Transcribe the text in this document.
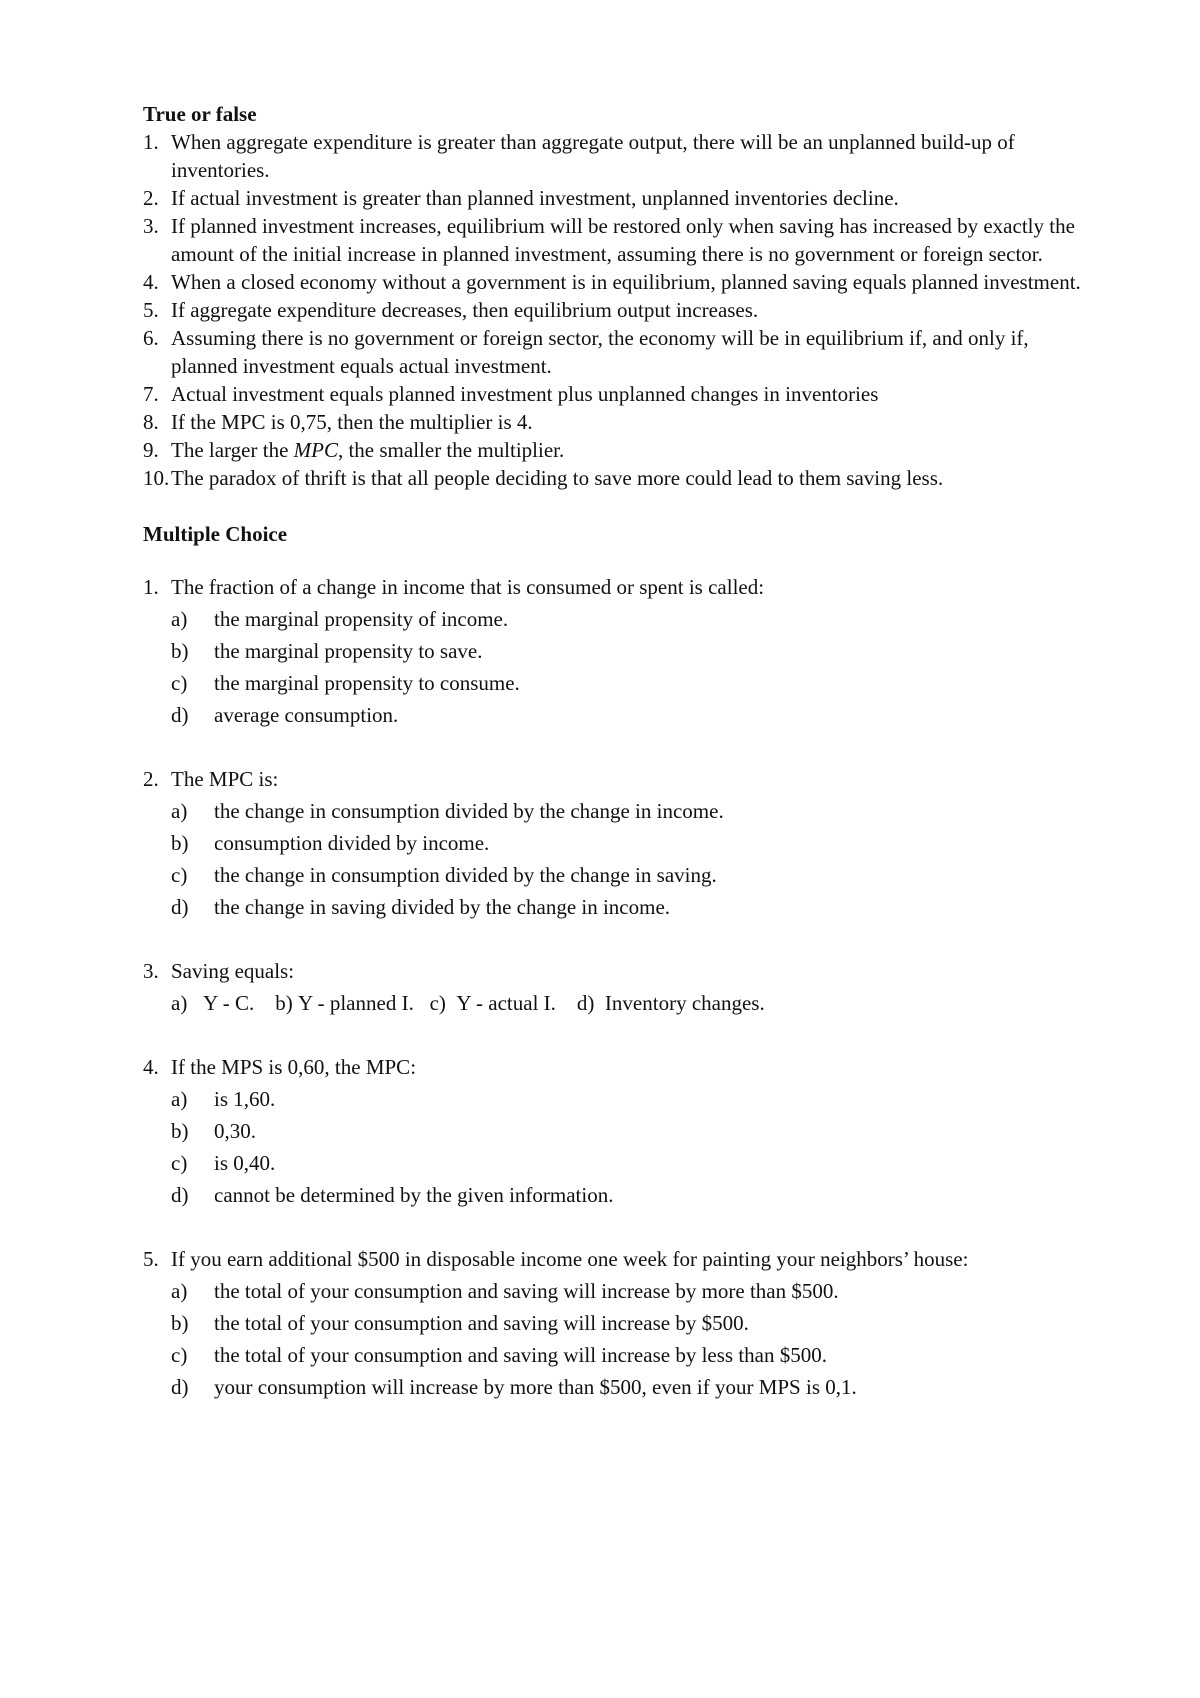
True or false
1. When aggregate expenditure is greater than aggregate output, there will be an unplanned build-up of inventories.
2. If actual investment is greater than planned investment, unplanned inventories decline.
3. If planned investment increases, equilibrium will be restored only when saving has increased by exactly the amount of the initial increase in planned investment, assuming there is no government or foreign sector.
4. When a closed economy without a government is in equilibrium, planned saving equals planned investment.
5. If aggregate expenditure decreases, then equilibrium output increases.
6. Assuming there is no government or foreign sector, the economy will be in equilibrium if, and only if, planned investment equals actual investment.
7. Actual investment equals planned investment plus unplanned changes in inventories
8. If the MPC is 0,75, then the multiplier is 4.
9. The larger the MPC, the smaller the multiplier.
10. The paradox of thrift is that all people deciding to save more could lead to them saving less.
Multiple Choice
1. The fraction of a change in income that is consumed or spent is called:
a)	the marginal propensity of income.
b)	the marginal propensity to save.
c)	the marginal propensity to consume.
d)	average consumption.
2. The MPC is:
a)	the change in consumption divided by the change in income.
b)	consumption divided by income.
c)	the change in consumption divided by the change in saving.
d)	the change in saving divided by the change in income.
3. Saving equals:
a)
Y - C.
b)
Y - planned I.
c)
Y - actual I.
d)
Inventory changes.
4. If the MPS is 0,60, the MPC:
a)	is 1,60.
b)	0,30.
c)	is 0,40.
d)	cannot be determined by the given information.
5. If you earn additional $500 in disposable income one week for painting your neighbors’ house:
a)	the total of your consumption and saving will increase by more than $500.
b)	the total of your consumption and saving will increase by $500.
c)	the total of your consumption and saving will increase by less than $500.
d)	your consumption will increase by more than $500, even if your MPS is 0,1.
